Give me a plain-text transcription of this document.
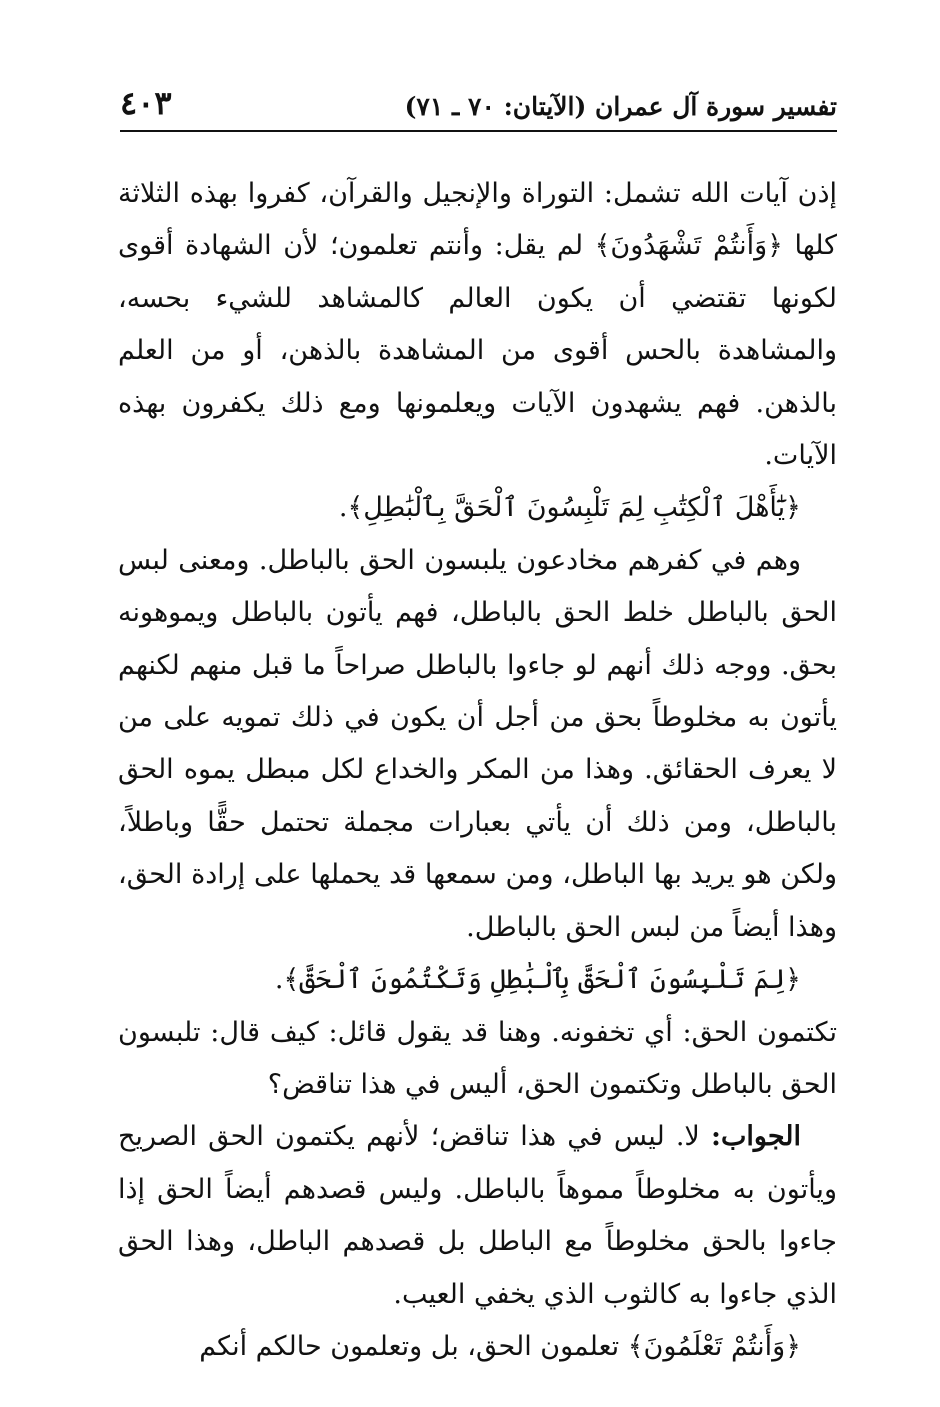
تفسير سورة آل عمران (الآيتان: ٧٠ ـ ٧١)
٤٠٣

إذن آيات الله تشمل: التوراة والإنجيل والقرآن، كفروا بهذه الثلاثة كلها ﴿وَأَنتُمْ تَشْهَدُونَ﴾ لم يقل: وأنتم تعلمون؛ لأن الشهادة أقوى لكونها تقتضي أن يكون العالم كالمشاهد للشيء بحسه، والمشاهدة بالحس أقوى من المشاهدة بالذهن، أو من العلم بالذهن. فهم يشهدون الآيات ويعلمونها ومع ذلك يكفرون بهذه الآيات.

﴿يَٰٓأَهْلَ ٱلْكِتَٰبِ لِمَ تَلْبِسُونَ ٱلْحَقَّ بِٱلْبَٰطِلِ﴾.

وهم في كفرهم مخادعون يلبسون الحق بالباطل. ومعنى لبس الحق بالباطل خلط الحق بالباطل، فهم يأتون بالباطل ويموهونه بحق. ووجه ذلك أنهم لو جاءوا بالباطل صراحاً ما قبل منهم لكنهم يأتون به مخلوطاً بحق من أجل أن يكون في ذلك تمويه على من لا يعرف الحقائق. وهذا من المكر والخداع لكل مبطل يموه الحق بالباطل، ومن ذلك أن يأتي بعبارات مجملة تحتمل حقًّا وباطلاً، ولكن هو يريد بها الباطل، ومن سمعها قد يحملها على إرادة الحق، وهذا أيضاً من لبس الحق بالباطل.

﴿لِمَ تَلْبِسُونَ ٱلْحَقَّ بِٱلْبَٰطِلِ وَتَكْتُمُونَ ٱلْحَقَّ﴾.

تكتمون الحق: أي تخفونه. وهنا قد يقول قائل: كيف قال: تلبسون الحق بالباطل وتكتمون الحق، أليس في هذا تناقض؟

الجواب: لا. ليس في هذا تناقض؛ لأنهم يكتمون الحق الصريح ويأتون به مخلوطاً مموهاً بالباطل. وليس قصدهم أيضاً الحق إذا جاءوا بالحق مخلوطاً مع الباطل بل قصدهم الباطل، وهذا الحق الذي جاءوا به كالثوب الذي يخفي العيب.

﴿وَأَنتُمْ تَعْلَمُونَ﴾ تعلمون الحق، بل وتعلمون حالكم أنكم
